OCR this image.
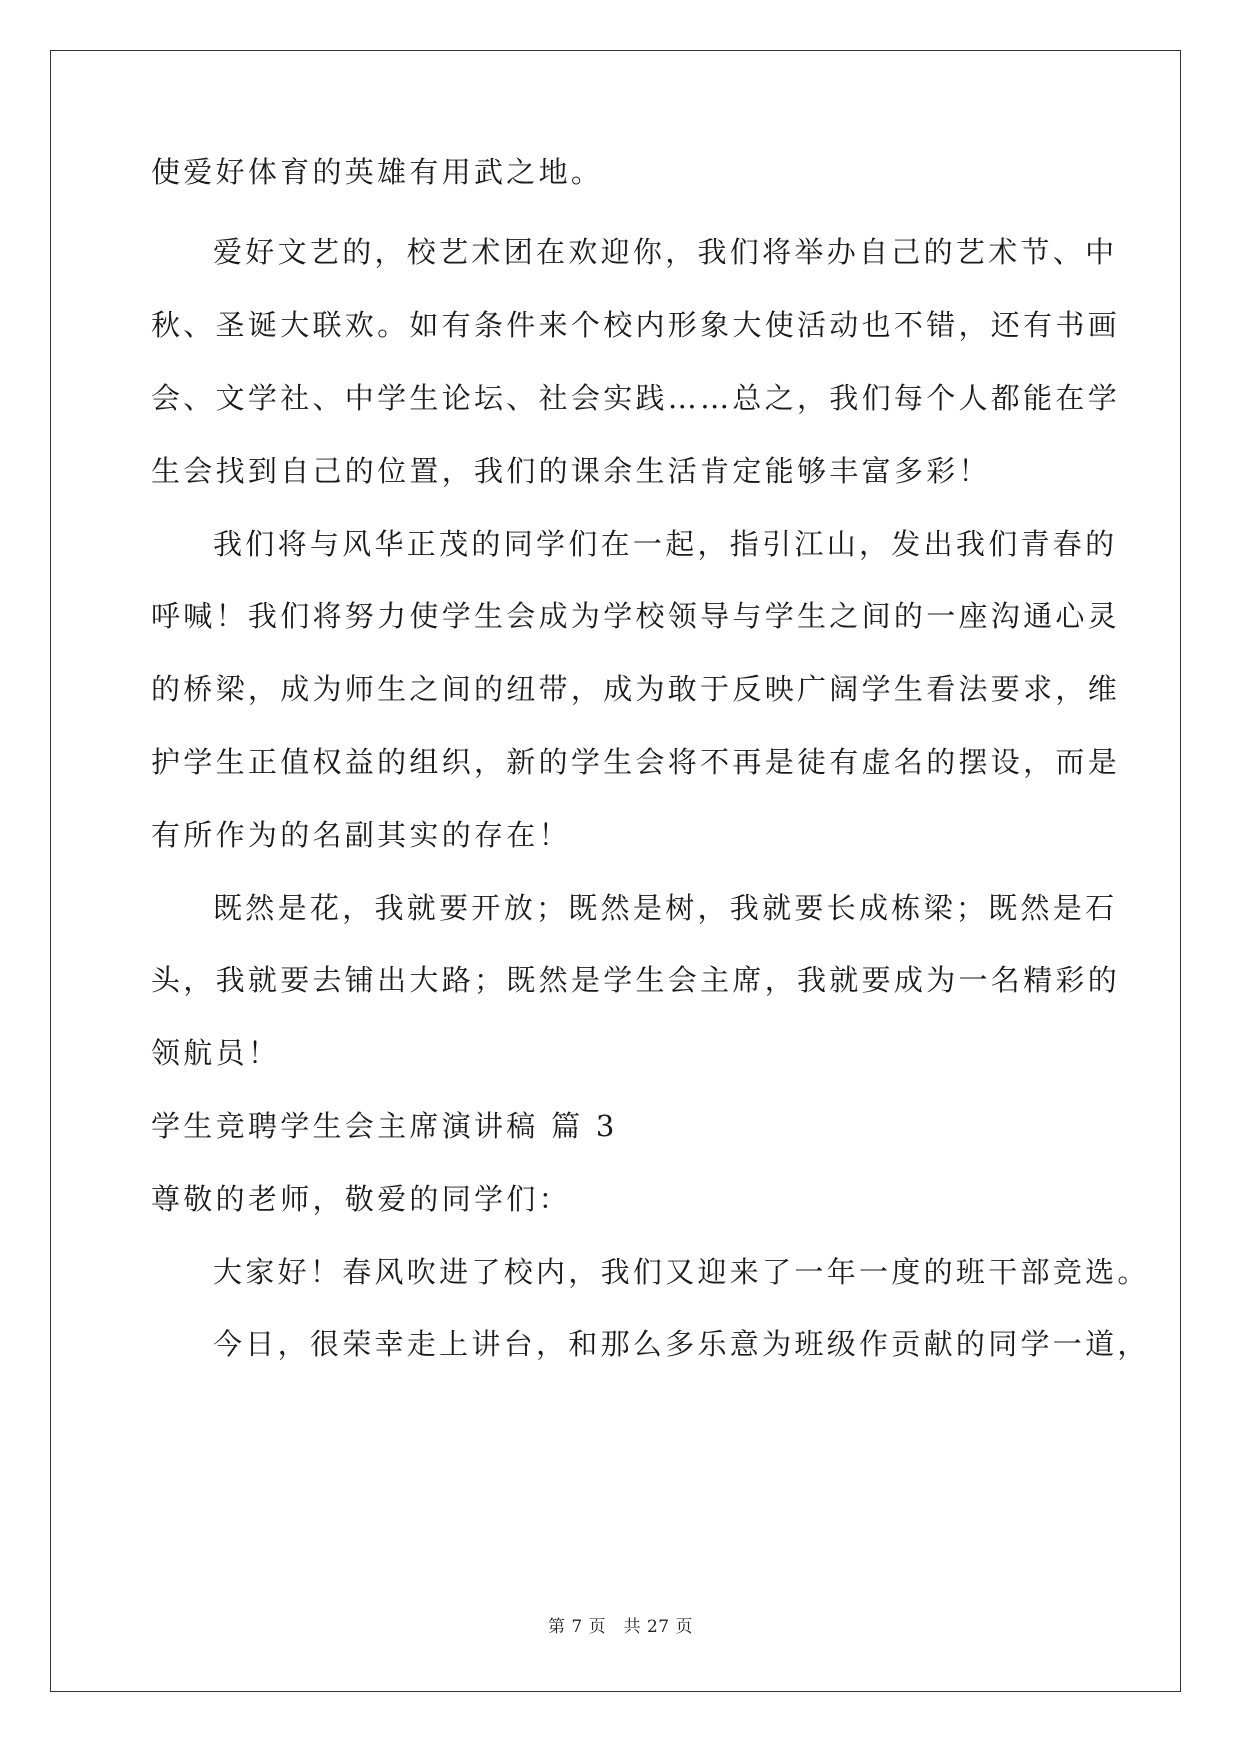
使爱好体育的英雄有用武之地。
爱好文艺的，校艺术团在欢迎你，我们将举办自己的艺术节、中
秋、圣诞大联欢。如有条件来个校内形象大使活动也不错，还有书画
会、文学社、中学生论坛、社会实践……总之，我们每个人都能在学
生会找到自己的位置，我们的课余生活肯定能够丰富多彩！
我们将与风华正茂的同学们在一起，指引江山，发出我们青春的
呼喊！我们将努力使学生会成为学校领导与学生之间的一座沟通心灵
的桥梁，成为师生之间的纽带，成为敢于反映广阔学生看法要求，维
护学生正值权益的组织，新的学生会将不再是徒有虚名的摆设，而是
有所作为的名副其实的存在！
既然是花，我就要开放；既然是树，我就要长成栋梁；既然是石
头，我就要去铺出大路；既然是学生会主席，我就要成为一名精彩的
领航员！
学生竞聘学生会主席演讲稿 篇 3
尊敬的老师，敬爱的同学们：
大家好！春风吹进了校内，我们又迎来了一年一度的班干部竞选。
今日，很荣幸走上讲台，和那么多乐意为班级作贡献的同学一道，
第 7 页　共 27 页
